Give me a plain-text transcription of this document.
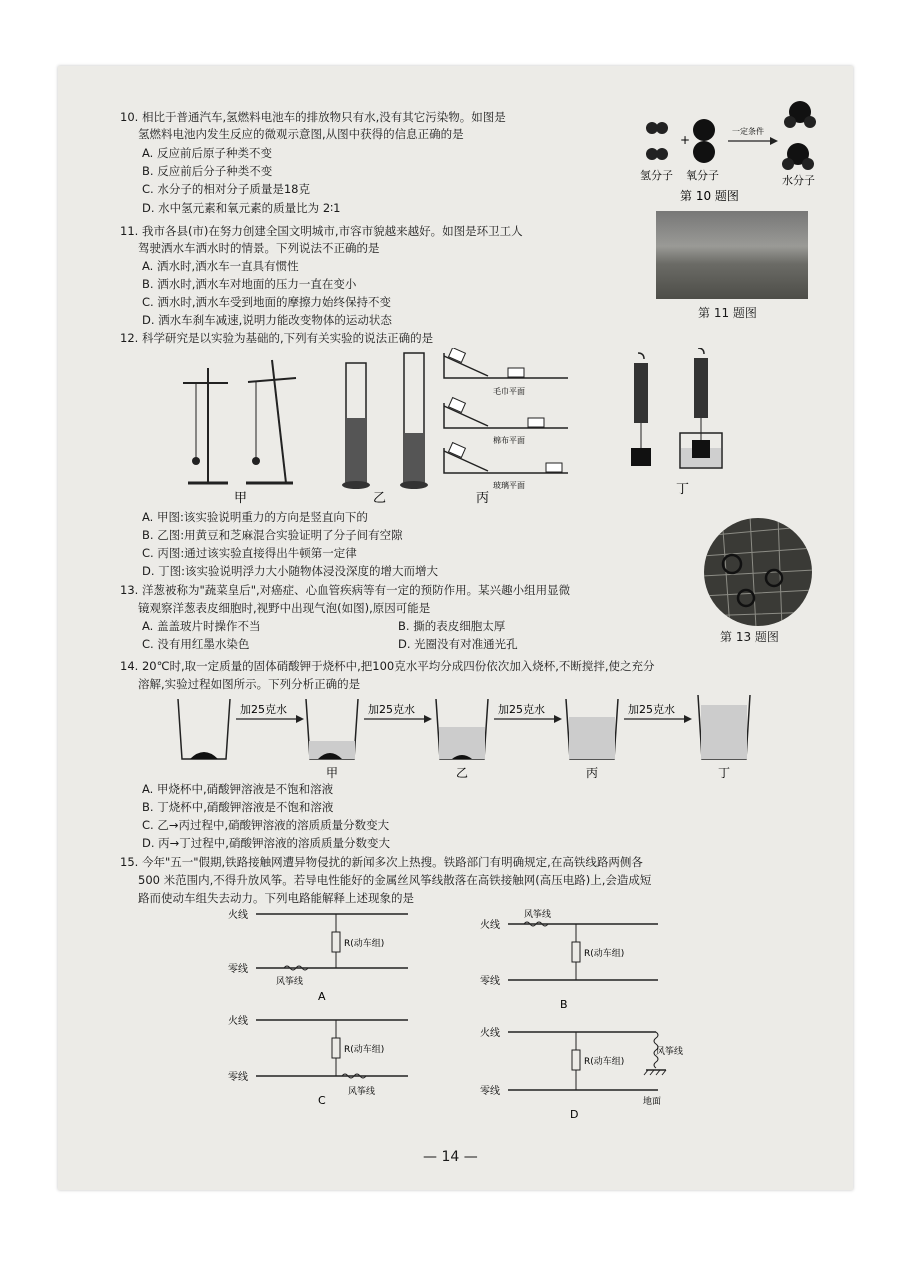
10. 相比于普通汽车,氢燃料电池车的排放物只有水,没有其它污染物。如图是
氢燃料电池内发生反应的微观示意图,从图中获得的信息正确的是
A. 反应前后原子种类不变
B. 反应前后分子种类不变
C. 水分子的相对分子质量是18克
D. 水中氢元素和氧元素的质量比为 2∶1
+
一定条件
氢分子 氧分子	水分子
第 10 题图
11. 我市各县(市)在努力创建全国文明城市,市容市貌越来越好。如图是环卫工人
驾驶洒水车洒水时的情景。下列说法不正确的是
A. 洒水时,洒水车一直具有惯性
B. 洒水时,洒水车对地面的压力一直在变小
C. 洒水时,洒水车受到地面的摩擦力始终保持不变
D. 洒水车刹车减速,说明力能改变物体的运动状态	第 11 题图
12. 科学研究是以实验为基础的,下列有关实验的说法正确的是
甲	乙
毛巾平面
棉布平面
玻璃平面
丙
丁
A. 甲图:该实验说明重力的方向是竖直向下的
B. 乙图:用黄豆和芝麻混合实验证明了分子间有空隙
C. 丙图:通过该实验直接得出牛顿第一定律
D. 丁图:该实验说明浮力大小随物体浸没深度的增大而增大
13. 洋葱被称为"蔬菜皇后",对癌症、心血管疾病等有一定的预防作用。某兴趣小组用显微
镜观察洋葱表皮细胞时,视野中出现气泡(如图),原因可能是
A. 盖盖玻片时操作不当	B. 撕的表皮细胞太厚
C. 没有用红墨水染色	D. 光圈没有对准通光孔	第 13 题图
14. 20℃时,取一定质量的固体硝酸钾于烧杯中,把100克水平均分成四份依次加入烧杯,不断搅拌,使之充分
溶解,实验过程如图所示。下列分析正确的是
加25克水
甲
加25克水
乙
加25克水
丙
加25克水
丁
A. 甲烧杯中,硝酸钾溶液是不饱和溶液
B. 丁烧杯中,硝酸钾溶液是不饱和溶液
C. 乙→丙过程中,硝酸钾溶液的溶质质量分数变大
D. 丙→丁过程中,硝酸钾溶液的溶质质量分数变大
15. 今年"五一"假期,铁路接触网遭异物侵扰的新闻多次上热搜。铁路部门有明确规定,在高铁线路两侧各
500 米范围内,不得升放风筝。若导电性能好的金属丝风筝线散落在高铁接触网(高压电路)上,会造成短
路而使动车组失去动力。下列电路能解释上述现象的是
火线
零线
R(动车组)
风筝线
A
火线
零线
R(动车组)
风筝线
B
火线
零线
R(动车组)
风筝线
C
火线
零线
R(动车组)
风筝线
地面
D
— 14 —
